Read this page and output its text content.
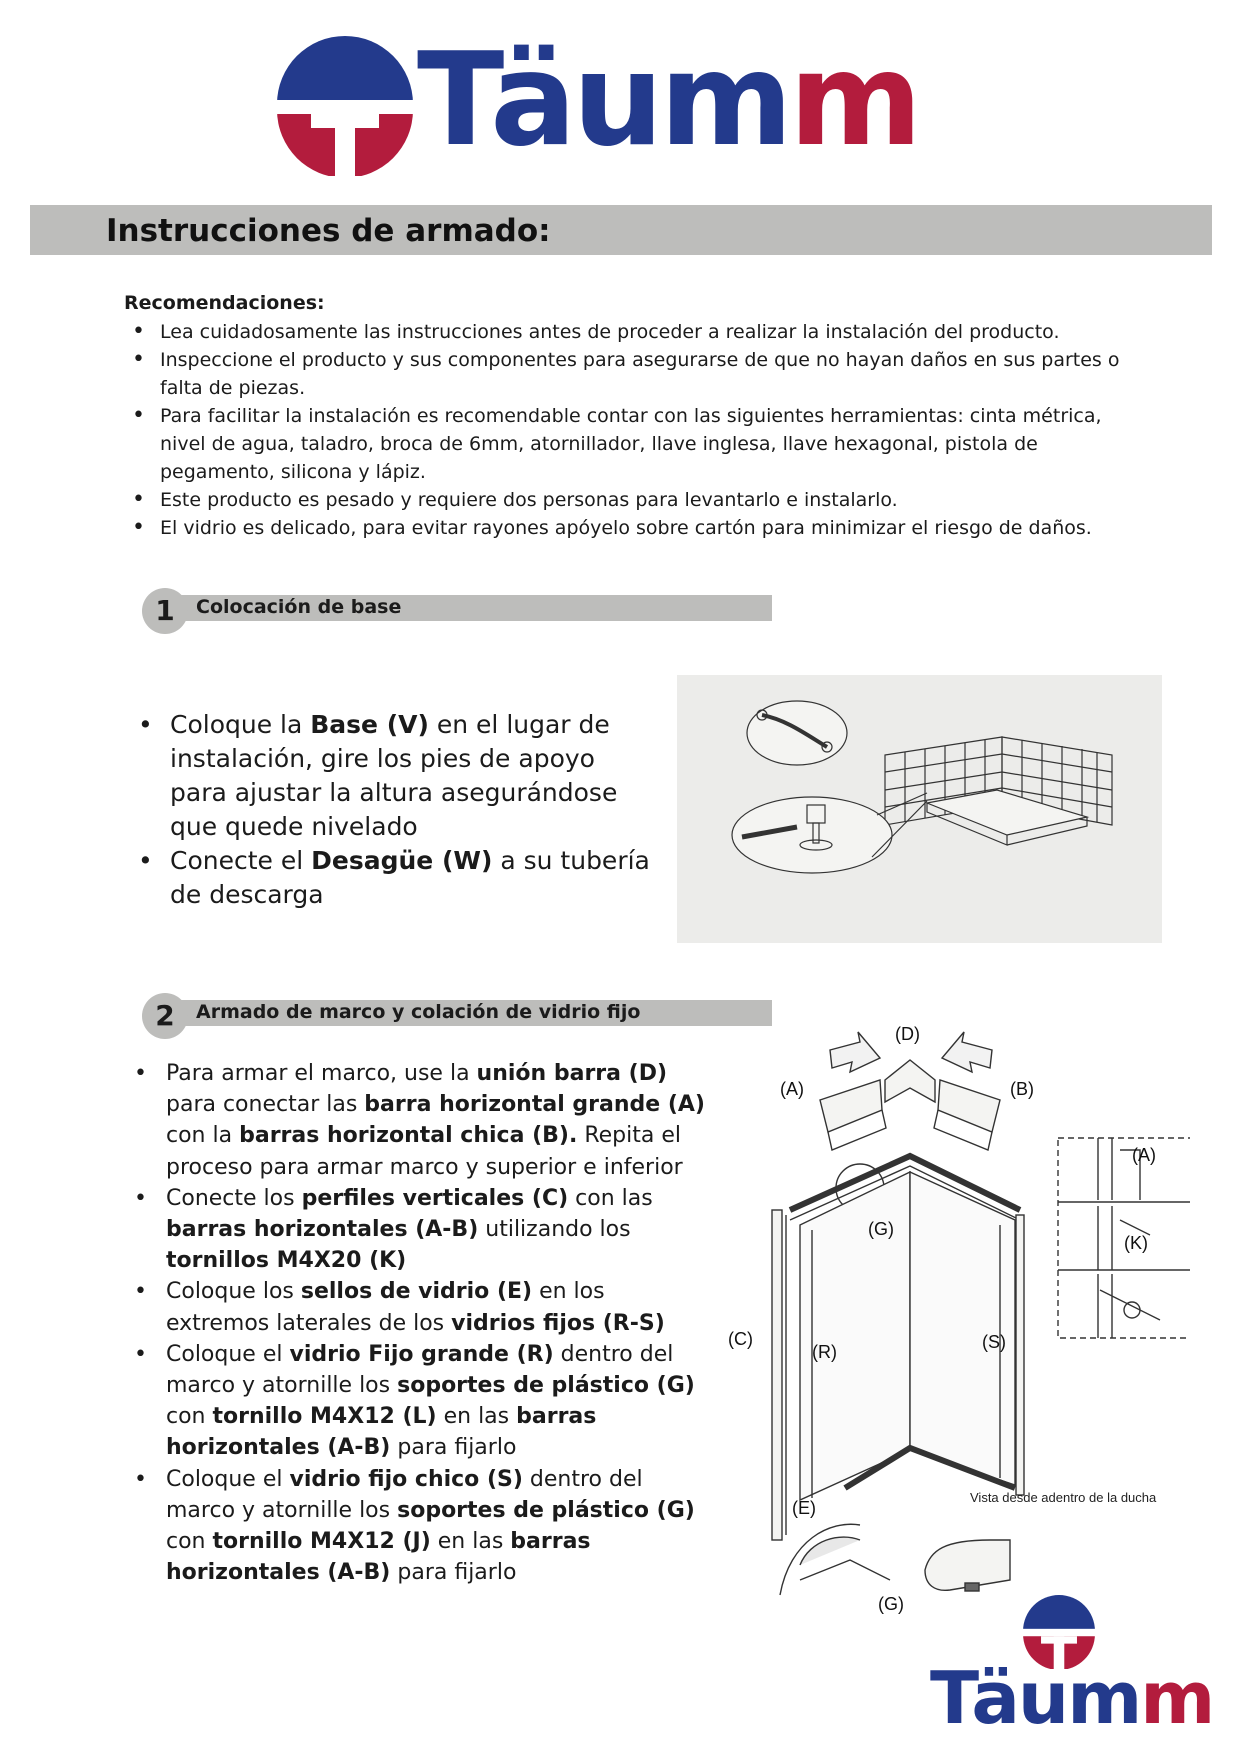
Täumm
Instrucciones de armado:
Recomendaciones:
• Lea cuidadosamente las instrucciones antes de proceder a realizar la instalación del producto.
• Inspeccione el producto y sus componentes para asegurarse de que no hayan daños en sus partes o falta de piezas.
• Para facilitar la instalación es recomendable contar con las siguientes herramientas: cinta métrica, nivel de agua, taladro, broca de 6mm, atornillador, llave inglesa, llave hexagonal, pistola de pegamento, silicona y lápiz.
• Este producto es pesado y requiere dos personas para levantarlo e instalarlo.
• El vidrio es delicado, para evitar rayones apóyelo sobre cartón para minimizar el riesgo de daños.
1	Colocación de base
• Coloque la Base (V) en el lugar de instalación, gire los pies de apoyo para ajustar la altura asegurándose que quede nivelado
• Conecte el Desagüe (W) a su tubería de descarga
2	Armado de marco y colación de vidrio fijo
• Para armar el marco, use la unión barra (D) para conectar las barra horizontal grande (A) con la barras horizontal chica (B). Repita el proceso para armar marco y superior e inferior
• Conecte los perfiles verticales (C) con las barras horizontales (A-B) utilizando los tornillos M4X20 (K)
• Coloque los sellos de vidrio (E) en los extremos laterales de los vidrios fijos (R-S)
• Coloque el vidrio Fijo grande (R) dentro del marco y atornille los soportes de plástico (G) con tornillo M4X12 (L) en las barras horizontales (A-B) para fijarlo
• Coloque el vidrio fijo chico (S) dentro del marco y atornille los soportes de plástico (G) con tornillo M4X12 (J) en las barras horizontales (A-B) para fijarlo
(D)
(A)	(B)
(G)
(C)
(R)	(S)
(E)
(A)
(K)
(G)
Vista desde adentro de la ducha
Täumm
